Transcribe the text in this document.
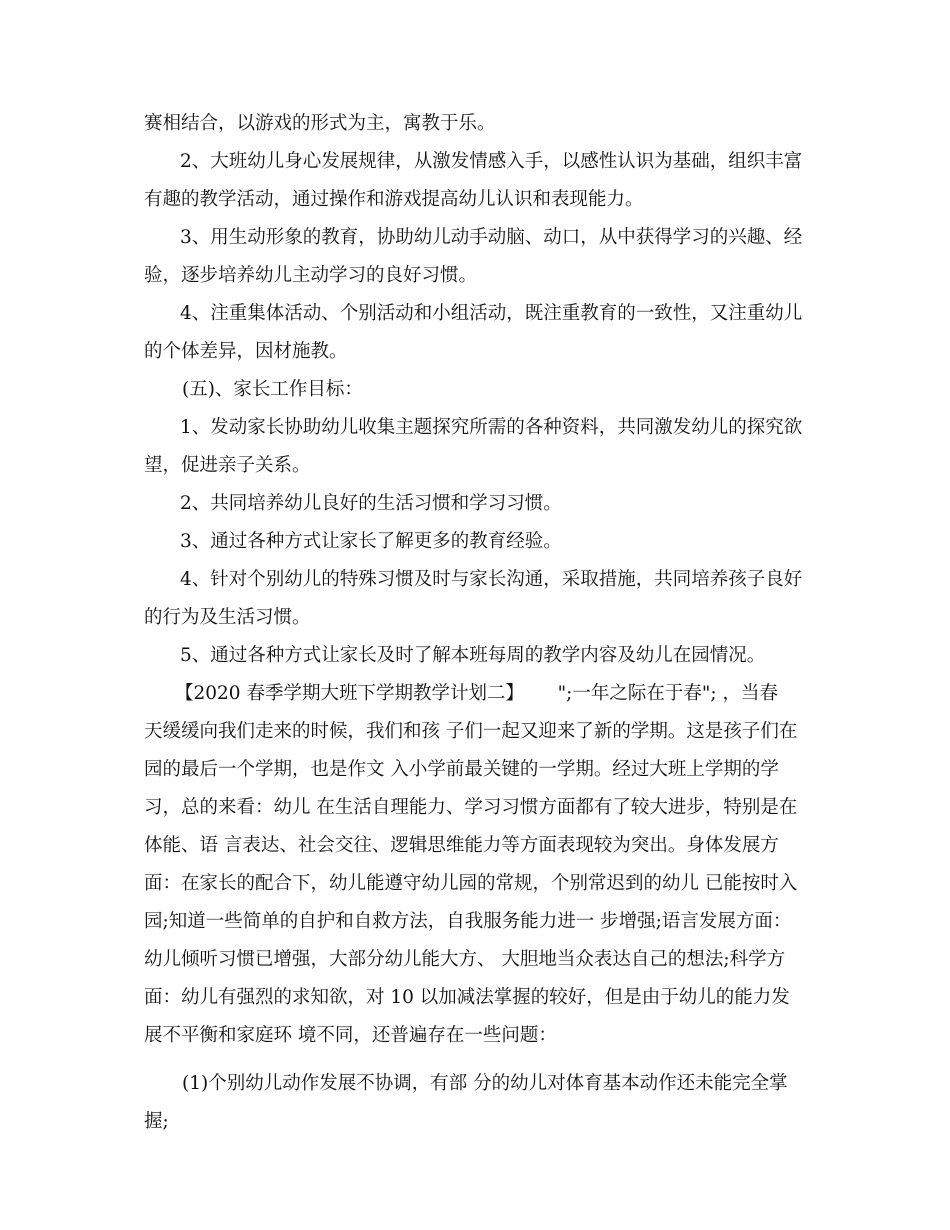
赛相结合，以游戏的形式为主，寓教于乐。

2、大班幼儿身心发展规律，从激发情感入手，以感性认识为基础，组织丰富

有趣的教学活动，通过操作和游戏提高幼儿认识和表现能力。

3、用生动形象的教育，协助幼儿动手动脑、动口，从中获得学习的兴趣、经

验，逐步培养幼儿主动学习的良好习惯。

4、注重集体活动、个别活动和小组活动，既注重教育的一致性，又注重幼儿

的个体差异，因材施教。

(五)、家长工作目标：

1、发动家长协助幼儿收集主题探究所需的各种资料，共同激发幼儿的探究欲

望，促进亲子关系。

2、共同培养幼儿良好的生活习惯和学习习惯。

3、通过各种方式让家长了解更多的教育经验。

4、针对个别幼儿的特殊习惯及时与家长沟通，采取措施，共同培养孩子良好

的行为及生活习惯。

5、通过各种方式让家长及时了解本班每周的教学内容及幼儿在园情况。

【2020 春季学期大班下学期教学计划二】　　 ";一年之际在于春"; ，当春

天缓缓向我们走来的时候，我们和孩 子们一起又迎来了新的学期。这是孩子们在

园的最后一个学期，也是作文 入小学前最关键的一学期。经过大班上学期的学

习，总的来看：幼儿 在生活自理能力、学习习惯方面都有了较大进步，特别是在

体能、语 言表达、社会交往、逻辑思维能力等方面表现较为突出。身体发展方

面：在家长的配合下，幼儿能遵守幼儿园的常规，个别常迟到的幼儿 已能按时入

园;知道一些简单的自护和自救方法，自我服务能力进一 步增强;语言发展方面：

幼儿倾听习惯已增强，大部分幼儿能大方、 大胆地当众表达自己的想法;科学方

面：幼儿有强烈的求知欲，对 10 以加减法掌握的较好，但是由于幼儿的能力发

展不平衡和家庭环 境不同，还普遍存在一些问题：

(1)个别幼儿动作发展不协调，有部 分的幼儿对体育基本动作还未能完全掌

握;
